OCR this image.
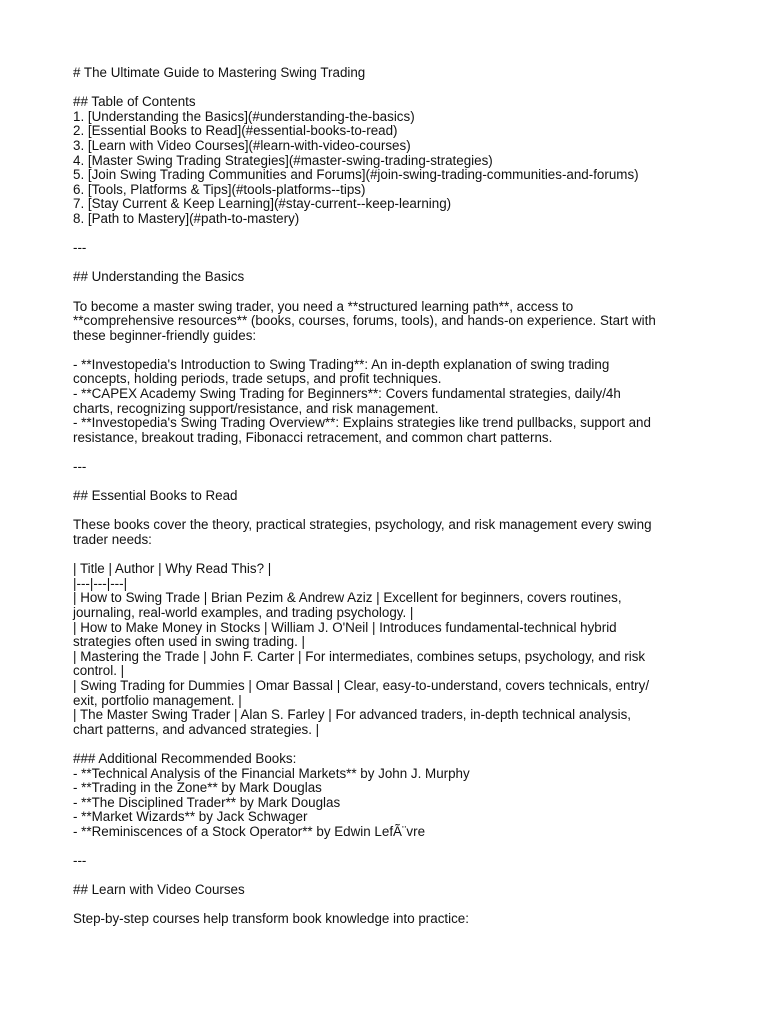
# The Ultimate Guide to Mastering Swing Trading
## Table of Contents
1. [Understanding the Basics](#understanding-the-basics)
2. [Essential Books to Read](#essential-books-to-read)
3. [Learn with Video Courses](#learn-with-video-courses)
4. [Master Swing Trading Strategies](#master-swing-trading-strategies)
5. [Join Swing Trading Communities and Forums](#join-swing-trading-communities-and-forums)
6. [Tools, Platforms & Tips](#tools-platforms--tips)
7. [Stay Current & Keep Learning](#stay-current--keep-learning)
8. [Path to Mastery](#path-to-mastery)
---
## Understanding the Basics
To become a master swing trader, you need a **structured learning path**, access to
**comprehensive resources** (books, courses, forums, tools), and hands-on experience. Start with
these beginner-friendly guides:
- **Investopedia's Introduction to Swing Trading**: An in-depth explanation of swing trading
concepts, holding periods, trade setups, and profit techniques.
- **CAPEX Academy Swing Trading for Beginners**: Covers fundamental strategies, daily/4h
charts, recognizing support/resistance, and risk management.
- **Investopedia's Swing Trading Overview**: Explains strategies like trend pullbacks, support and
resistance, breakout trading, Fibonacci retracement, and common chart patterns.
---
## Essential Books to Read
These books cover the theory, practical strategies, psychology, and risk management every swing
trader needs:
| Title | Author | Why Read This? |
|---|---|---|
| How to Swing Trade | Brian Pezim & Andrew Aziz | Excellent for beginners, covers routines,
journaling, real-world examples, and trading psychology. |
| How to Make Money in Stocks | William J. O'Neil | Introduces fundamental-technical hybrid
strategies often used in swing trading. |
| Mastering the Trade | John F. Carter | For intermediates, combines setups, psychology, and risk
control. |
| Swing Trading for Dummies | Omar Bassal | Clear, easy-to-understand, covers technicals, entry/
exit, portfolio management. |
| The Master Swing Trader | Alan S. Farley | For advanced traders, in-depth technical analysis,
chart patterns, and advanced strategies. |
### Additional Recommended Books:
- **Technical Analysis of the Financial Markets** by John J. Murphy
- **Trading in the Zone** by Mark Douglas
- **The Disciplined Trader** by Mark Douglas
- **Market Wizards** by Jack Schwager
- **Reminiscences of a Stock Operator** by Edwin LefÃ¨vre
---
## Learn with Video Courses
Step-by-step courses help transform book knowledge into practice:
